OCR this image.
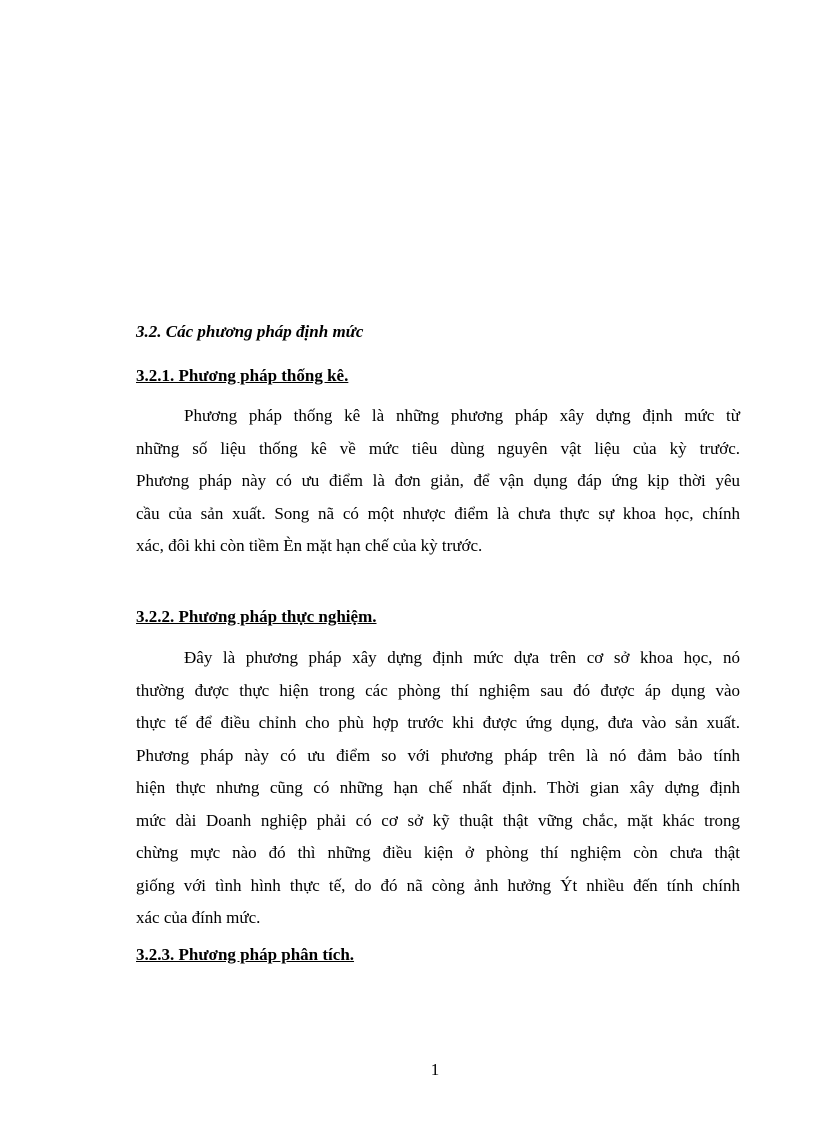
3.2. Các phương pháp định mức
3.2.1. Phương pháp thống kê.

Phương pháp thống kê là những phương pháp xây dựng định mức từ
những số liệu thống kê về mức tiêu dùng nguyên vật liệu của kỳ trước.
Phương pháp này có ưu điểm là đơn giản, để vận dụng đáp ứng kịp thời yêu
cầu của sản xuất. Song nã có một nhược điểm là chưa thực sự khoa học, chính
xác, đôi khi còn tiềm Èn mặt hạn chế của kỳ trước.

3.2.2. Phương pháp thực nghiệm.

Đây là phương pháp xây dựng định mức dựa trên cơ sở khoa học, nó
thường được thực hiện trong các phòng thí nghiệm sau đó được áp dụng vào
thực tế để điều chỉnh cho phù hợp trước khi được ứng dụng, đưa vào sản xuất.
Phương pháp này có ưu điểm so với phương pháp trên là nó đảm bảo tính
hiện thực nhưng cũng có những hạn chế nhất định. Thời gian xây dựng định
mức dài Doanh nghiệp phải có cơ sở kỹ thuật thật vững chắc, mặt khác trong
chừng mực nào đó thì những điều kiện ở phòng thí nghiệm còn chưa thật
giống với tình hình thực tế, do đó nã còng ảnh hưởng Ýt nhiều đến tính chính
xác của đính mức.

3.2.3. Phương pháp phân tích.
1
